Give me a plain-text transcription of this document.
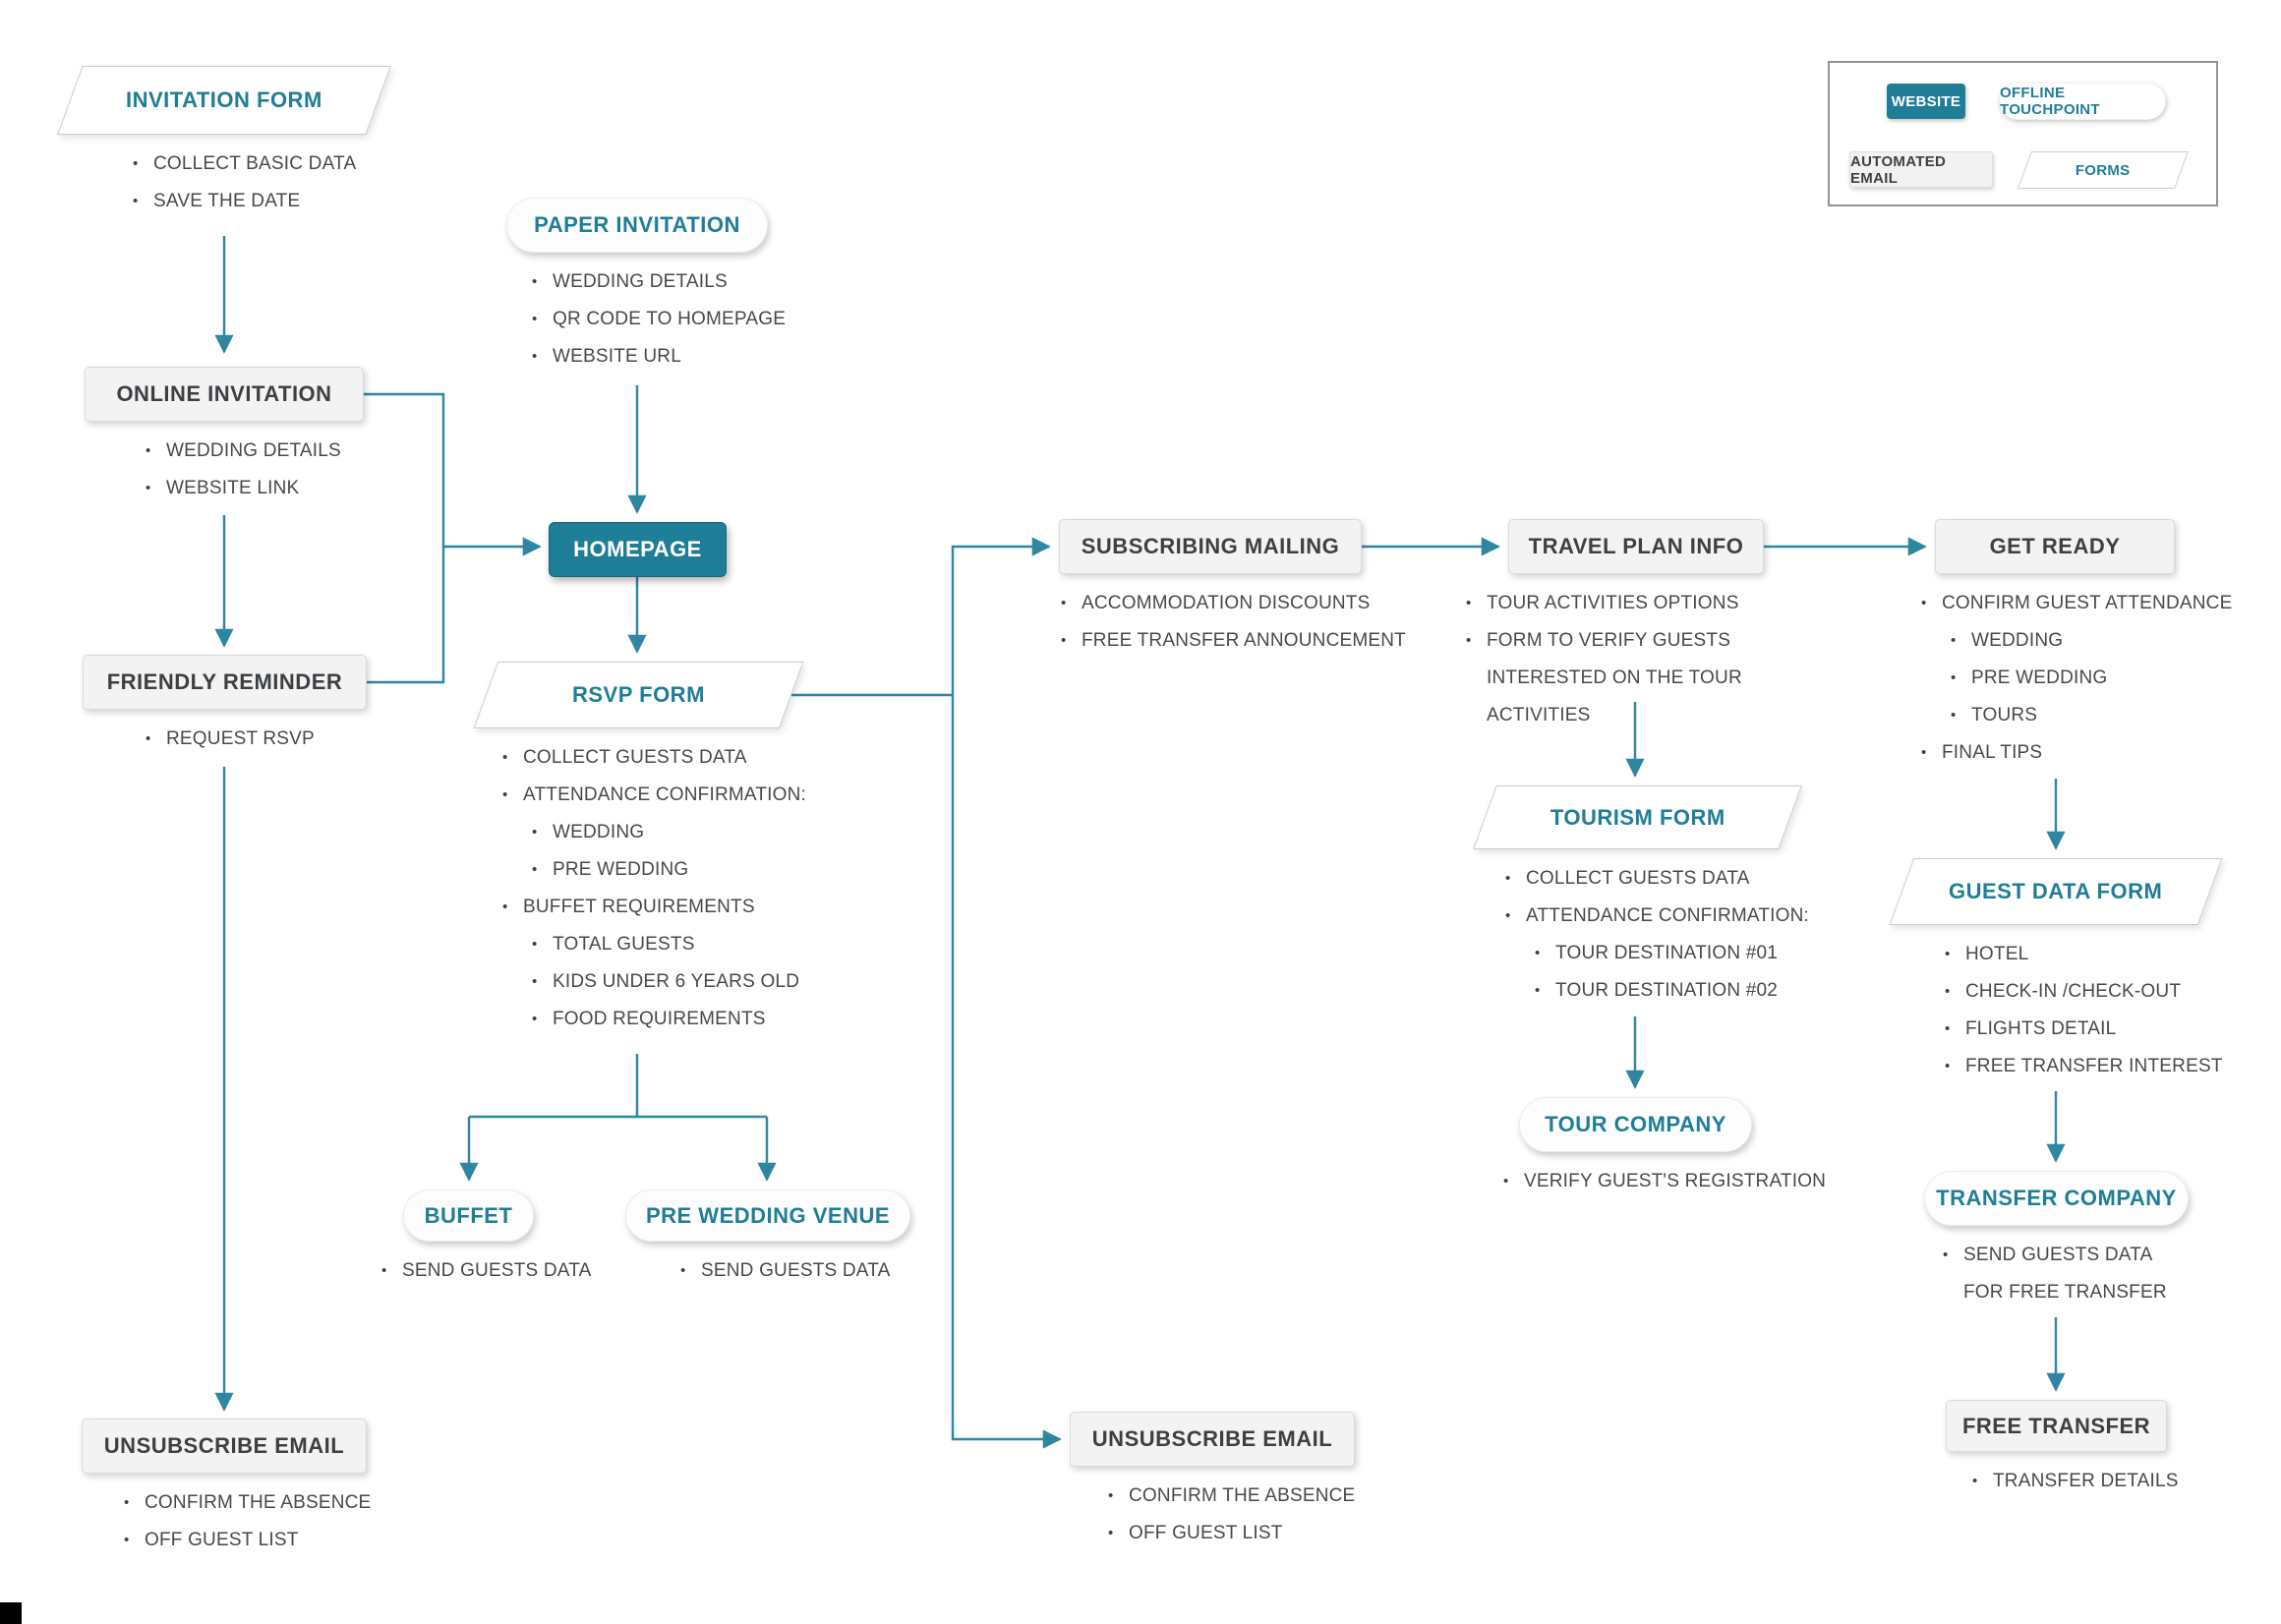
INVITATION FORM
• COLLECT BASIC DATA
• SAVE THE DATE
PAPER INVITATION
• WEDDING DETAILS
• QR CODE TO HOMEPAGE
• WEBSITE URL
ONLINE INVITATION
• WEDDING DETAILS
• WEBSITE LINK
HOMEPAGE
FRIENDLY REMINDER
• REQUEST RSVP
RSVP FORM
• COLLECT GUESTS DATA
• ATTENDANCE CONFIRMATION:
• WEDDING
• PRE WEDDING
• BUFFET REQUIREMENTS
• TOTAL GUESTS
• KIDS UNDER 6 YEARS OLD
• FOOD REQUIREMENTS
BUFFET
• SEND GUESTS DATA
PRE WEDDING VENUE
• SEND GUESTS DATA
UNSUBSCRIBE EMAIL
• CONFIRM THE ABSENCE
• OFF GUEST LIST
SUBSCRIBING MAILING
• ACCOMMODATION DISCOUNTS
• FREE TRANSFER ANNOUNCEMENT
UNSUBSCRIBE EMAIL
• CONFIRM THE ABSENCE
• OFF GUEST LIST
TRAVEL PLAN INFO
• TOUR ACTIVITIES OPTIONS
• FORM TO VERIFY GUESTS INTERESTED ON THE TOUR ACTIVITIES
TOURISM FORM
• COLLECT GUESTS DATA
• ATTENDANCE CONFIRMATION:
• TOUR DESTINATION #01
• TOUR DESTINATION #02
TOUR COMPANY
• VERIFY GUEST'S REGISTRATION
GET READY
• CONFIRM GUEST ATTENDANCE
• WEDDING
• PRE WEDDING
• TOURS
• FINAL TIPS
GUEST DATA FORM
• HOTEL
• CHECK-IN /CHECK-OUT
• FLIGHTS DETAIL
• FREE TRANSFER INTEREST
TRANSFER COMPANY
• SEND GUESTS DATA FOR FREE TRANSFER
FREE TRANSFER
• TRANSFER DETAILS
WEBSITE	OFFLINE TOUCHPOINT
AUTOMATED EMAIL	FORMS
